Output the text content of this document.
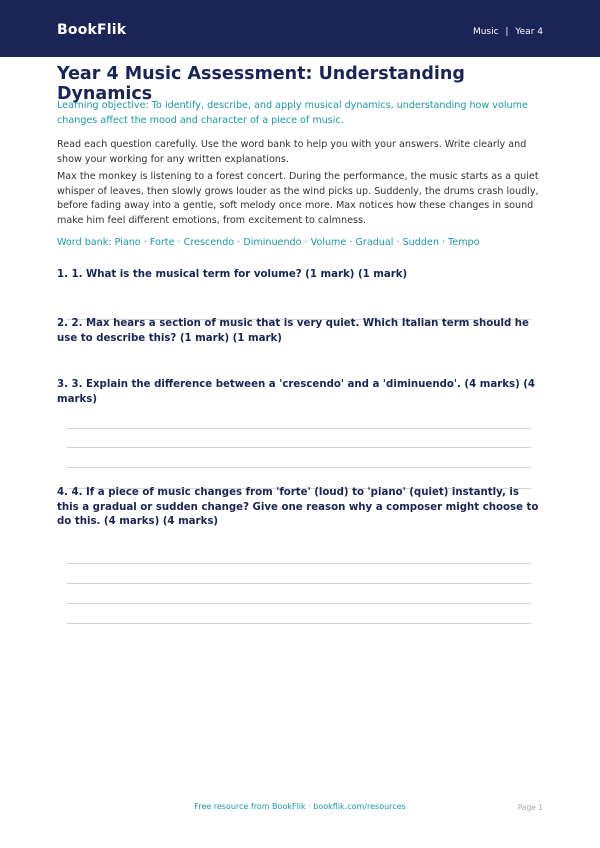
BookFlik	Music | Year 4
Year 4 Music Assessment: Understanding Dynamics
Learning objective: To identify, describe, and apply musical dynamics, understanding how volume changes affect the mood and character of a piece of music.
Read each question carefully. Use the word bank to help you with your answers. Write clearly and show your working for any written explanations.
Max the monkey is listening to a forest concert. During the performance, the music starts as a quiet whisper of leaves, then slowly grows louder as the wind picks up. Suddenly, the drums crash loudly, before fading away into a gentle, soft melody once more. Max notices how these changes in sound make him feel different emotions, from excitement to calmness.
Word bank: Piano · Forte · Crescendo · Diminuendo · Volume · Gradual · Sudden · Tempo
1. 1. What is the musical term for volume? (1 mark) (1 mark)
2. 2. Max hears a section of music that is very quiet. Which Italian term should he use to describe this? (1 mark) (1 mark)
3. 3. Explain the difference between a 'crescendo' and a 'diminuendo'. (4 marks) (4 marks)
4. 4. If a piece of music changes from 'forte' (loud) to 'piano' (quiet) instantly, is this a gradual or sudden change? Give one reason why a composer might choose to do this. (4 marks) (4 marks)
Free resource from BookFlik · bookflik.com/resources	Page 1
